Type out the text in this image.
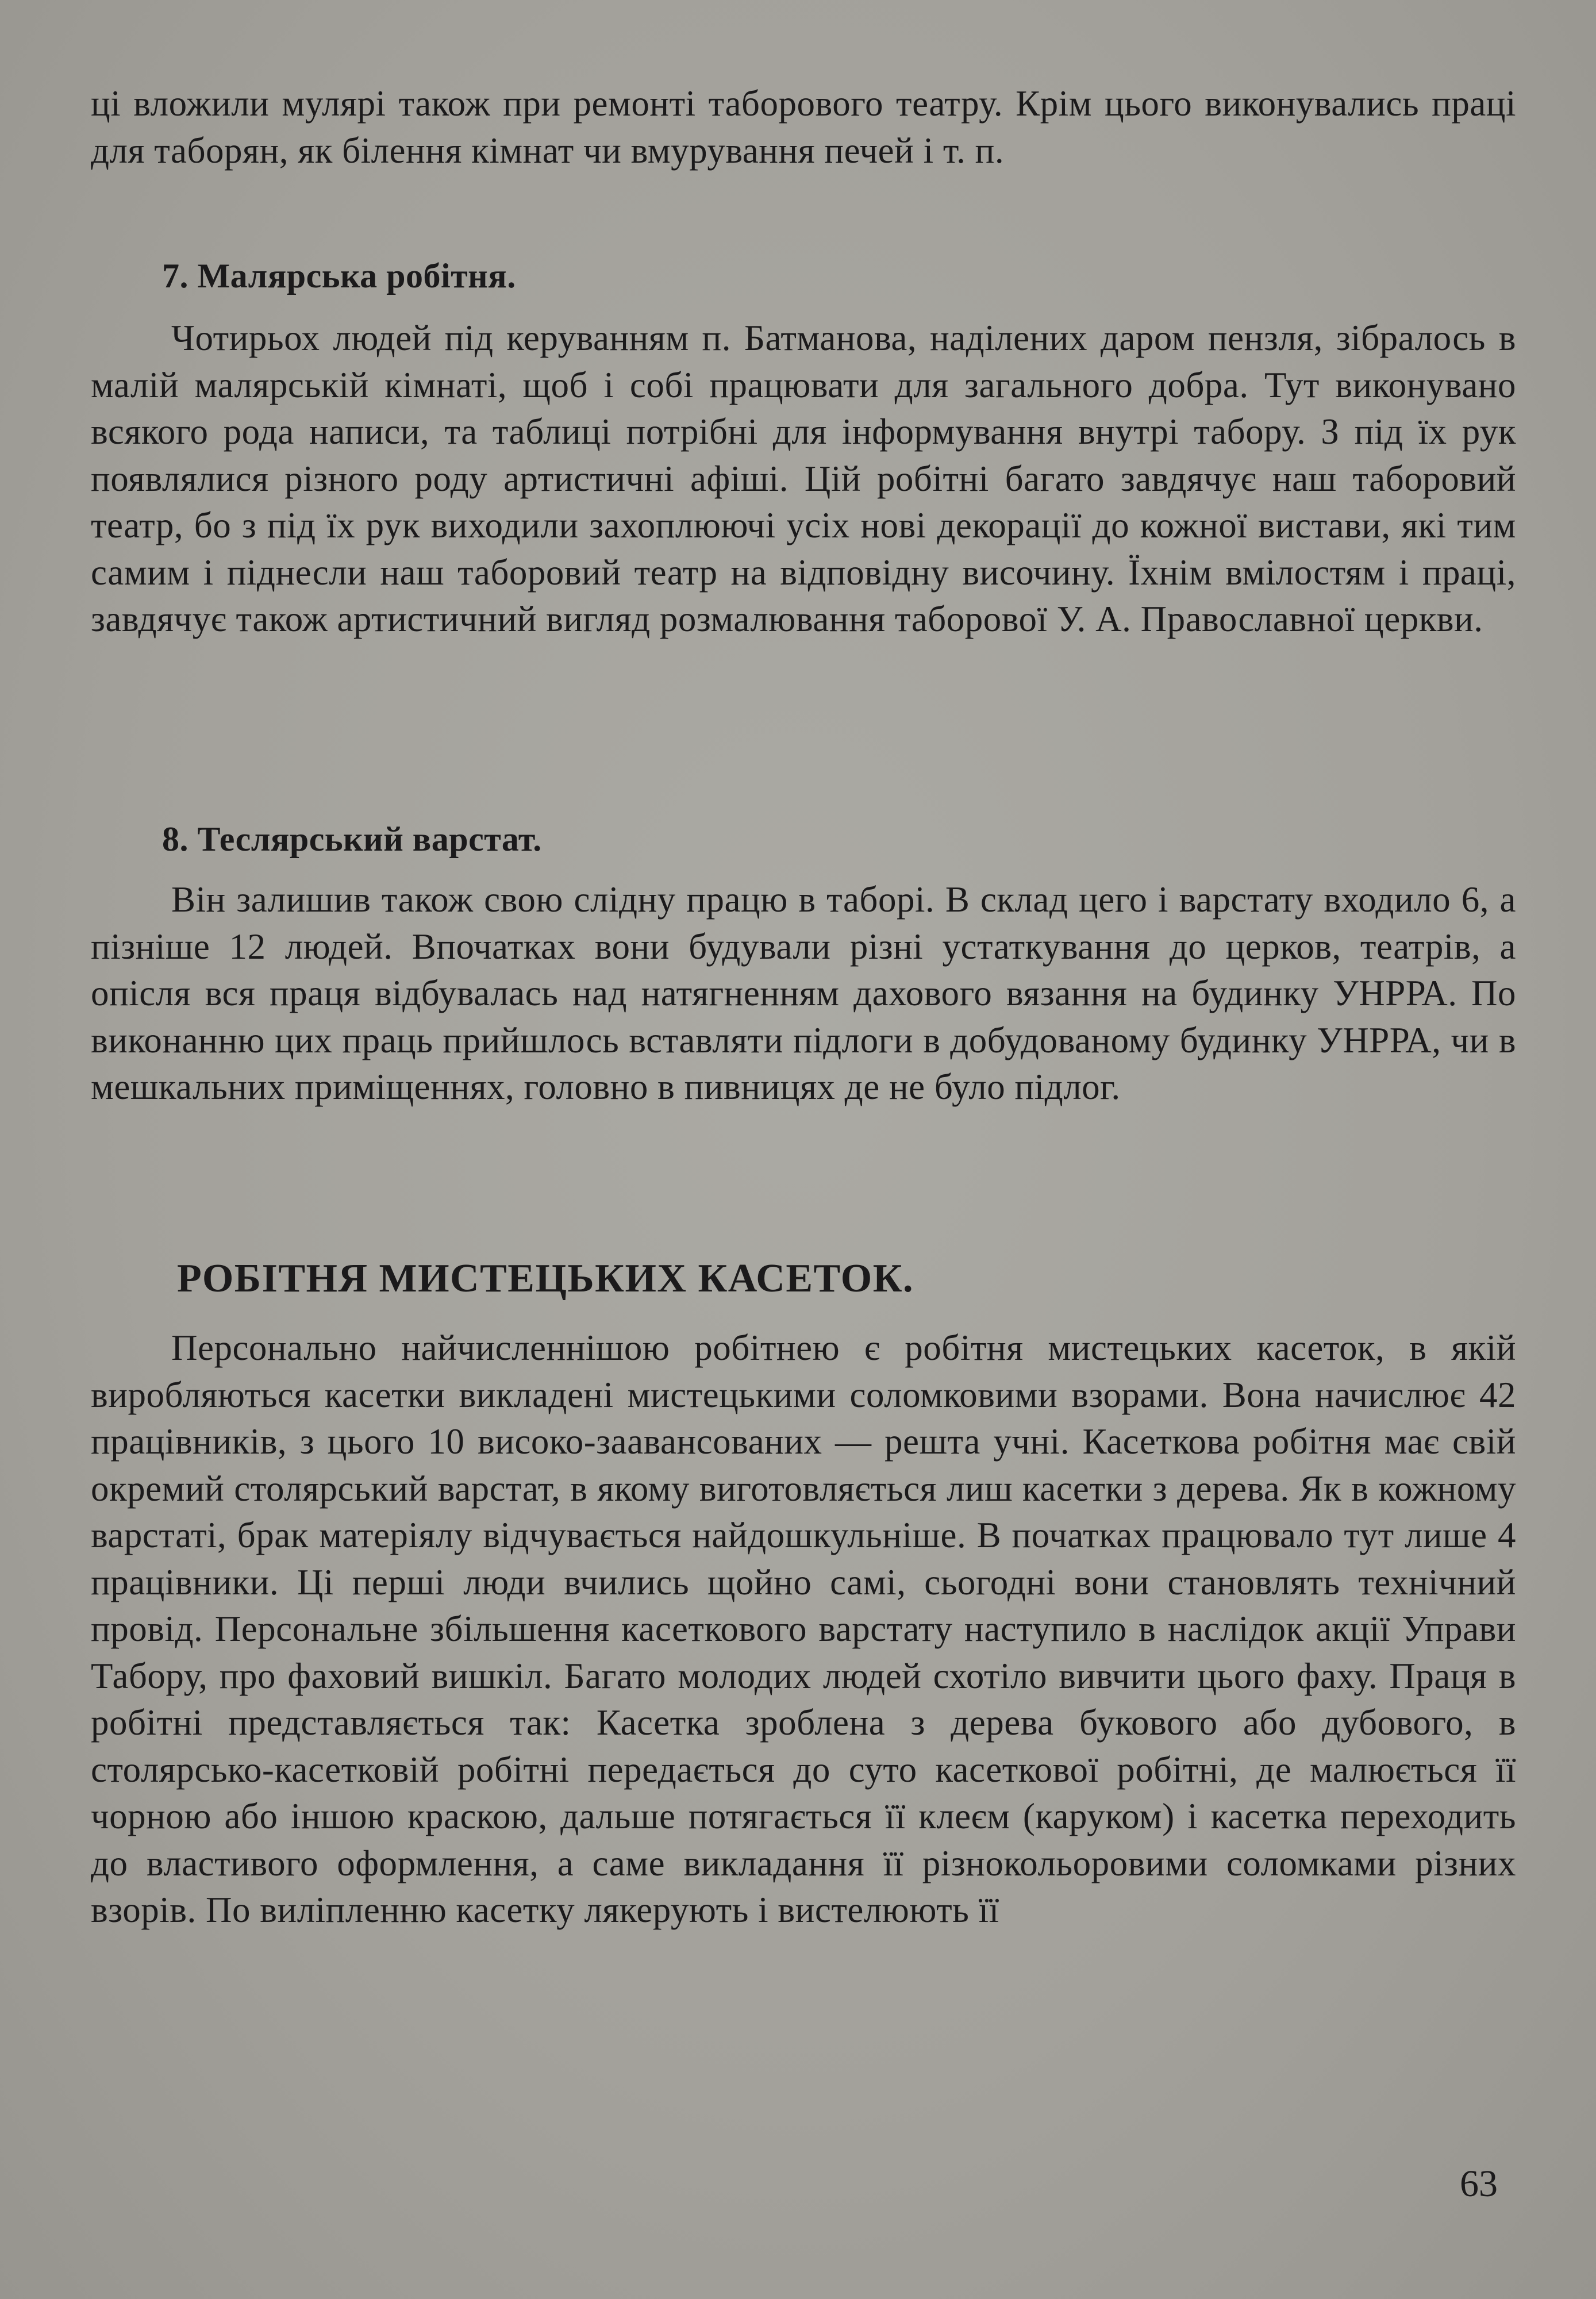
ці вложили мулярі також при ремонті таборового театру. Крім цього виконувались праці для таборян, як білення кімнат чи вмурування печей і т. п.

7. Малярська робітня.

Чотирьох людей під керуванням п. Батманова, наділених даром пензля, зібралось в малій малярській кімнаті, щоб і собі працювати для загального добра. Тут виконувано всякого рода написи, та таблиці потрібні для інформування внутрі табору. З під їх рук появлялися різного роду артистичні афіші. Цій робітні багато завдячує наш таборовий театр, бо з під їх рук виходили захоплюючі усіх нові декорації до кожної вистави, які тим самим і піднесли наш таборовий театр на відповідну височину. Їхнім вмілостям і праці, завдячує також артистичний вигляд розмалювання таборової У. А. Православної церкви.

8. Теслярський варстат.

Він залишив також свою слідну працю в таборі. В склад цего і варстату входило 6, а пізніше 12 людей. Впочатках вони будували різні устаткування до церков, театрів, а опісля вся праця відбувалась над натягненням дахового вязання на будинку УНРРА. По виконанню цих праць прийшлось вставляти підлоги в добудованому будинку УНРРА, чи в мешкальних приміщеннях, головно в пивницях де не було підлог.

РОБІТНЯ МИСТЕЦЬКИХ КАСЕТОК.

Персонально найчисленнішою робітнею є робітня мистецьких касеток, в якій виробляються касетки викладені мистецькими соломковими взорами. Вона начислює 42 працівників, з цього 10 високо-заавансованих — решта учні. Касеткова робітня має свій окремий столярський варстат, в якому виготовляється лиш касетки з дерева. Як в кожному варстаті, брак матеріялу відчувається найдошкульніше. В початках працювало тут лише 4 працівники. Ці перші люди вчились щойно самі, сьогодні вони становлять технічний провід. Персональне збільшення касеткового варстату наступило в наслідок акції Управи Табору, про фаховий вишкіл. Багато молодих людей схотіло вивчити цього фаху. Праця в робітні представляється так: Касетка зроблена з дерева букового або дубового, в столярсько-касетковій робітні передається до суто касеткової робітні, де малюється її чорною або іншою краскою, дальше потягається її клеєм (каруком) і касетка переходить до властивого оформлення, а саме викладання її різнокольоровими соломками різних взорів. По виліпленню касетку лякерують і вистелюють її

63
